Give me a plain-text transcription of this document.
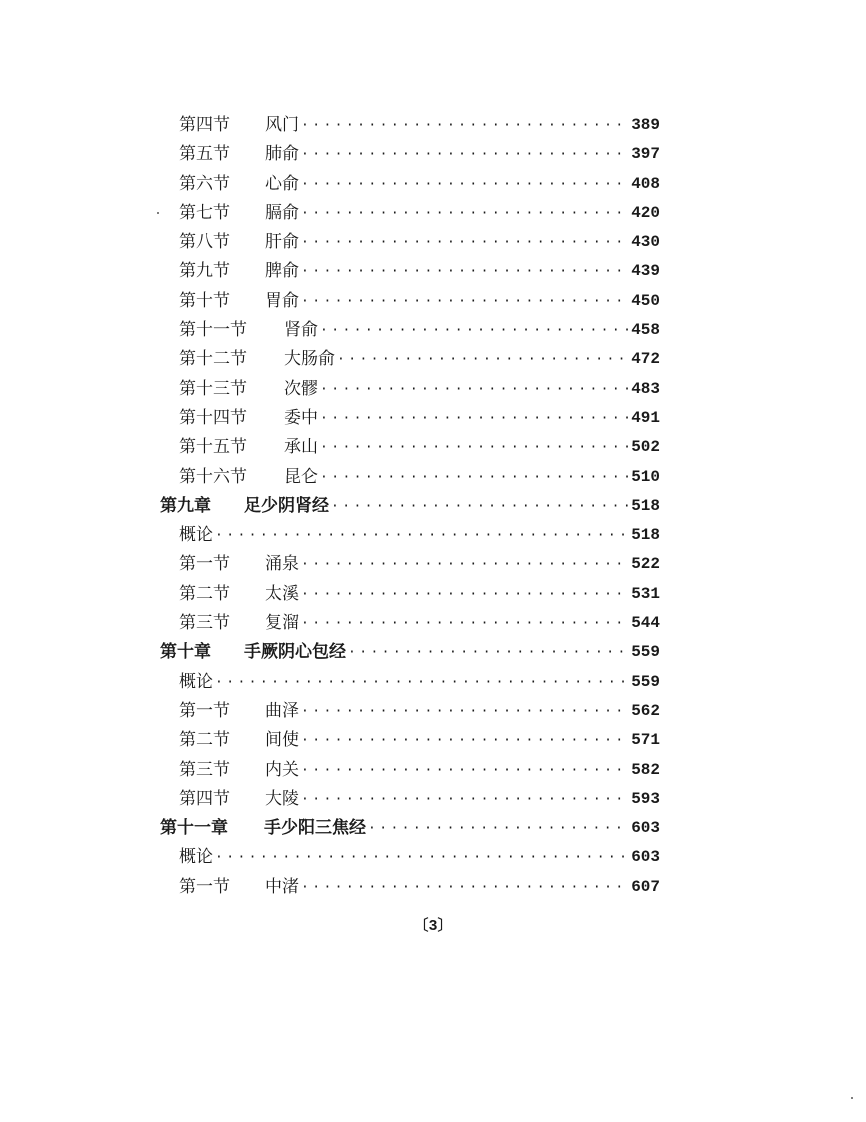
第四节	风门 ·····	389
第五节	肺俞 ·····	397
第六节	心俞 ·····	408
第七节	膈俞 ·····	420
第八节	肝俞 ·····	430
第九节	脾俞 ·····	439
第十节	胃俞 ·····	450
第十一节	肾俞 ·····	458
第十二节	大肠俞 ·····	472
第十三节	次髎 ·····	483
第十四节	委中 ·····	491
第十五节	承山 ·····	502
第十六节	昆仑 ·····	510
第九章	足少阴肾经 ·····	518
概论 ·····	518
第一节	涌泉 ·····	522
第二节	太溪 ·····	531
第三节	复溜 ·····	544
第十章	手厥阴心包经 ·····	559
概论 ·····	559
第一节	曲泽 ·····	562
第二节	间使 ·····	571
第三节	内关 ·····	582
第四节	大陵 ·····	593
第十一章	手少阳三焦经 ·····	603
概论 ·····	603
第一节	中渚 ·····	607
〔3〕
